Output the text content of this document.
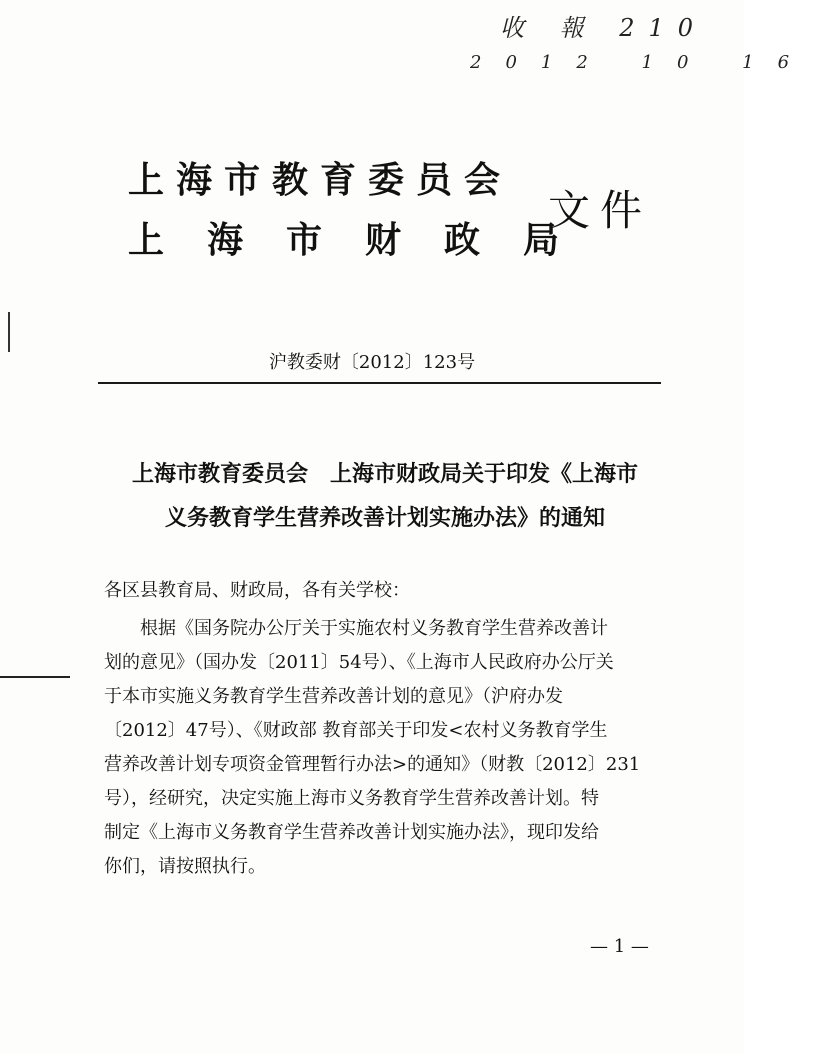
收 報 210
2012 10 16
上海市教育委员会
上海市财政局
文件
沪教委财〔2012〕123号
上海市教育委员会　上海市财政局关于印发《上海市
义务教育学生营养改善计划实施办法》的通知
各区县教育局、财政局，各有关学校：
根据《国务院办公厅关于实施农村义务教育学生营养改善计
划的意见》（国办发〔2011〕54号）、《上海市人民政府办公厅关
于本市实施义务教育学生营养改善计划的意见》（沪府办发
〔2012〕47号）、《财政部 教育部关于印发<农村义务教育学生
营养改善计划专项资金管理暂行办法>的通知》（财教〔2012〕231
号），经研究，决定实施上海市义务教育学生营养改善计划。特
制定《上海市义务教育学生营养改善计划实施办法》，现印发给
你们，请按照执行。
— 1 —
